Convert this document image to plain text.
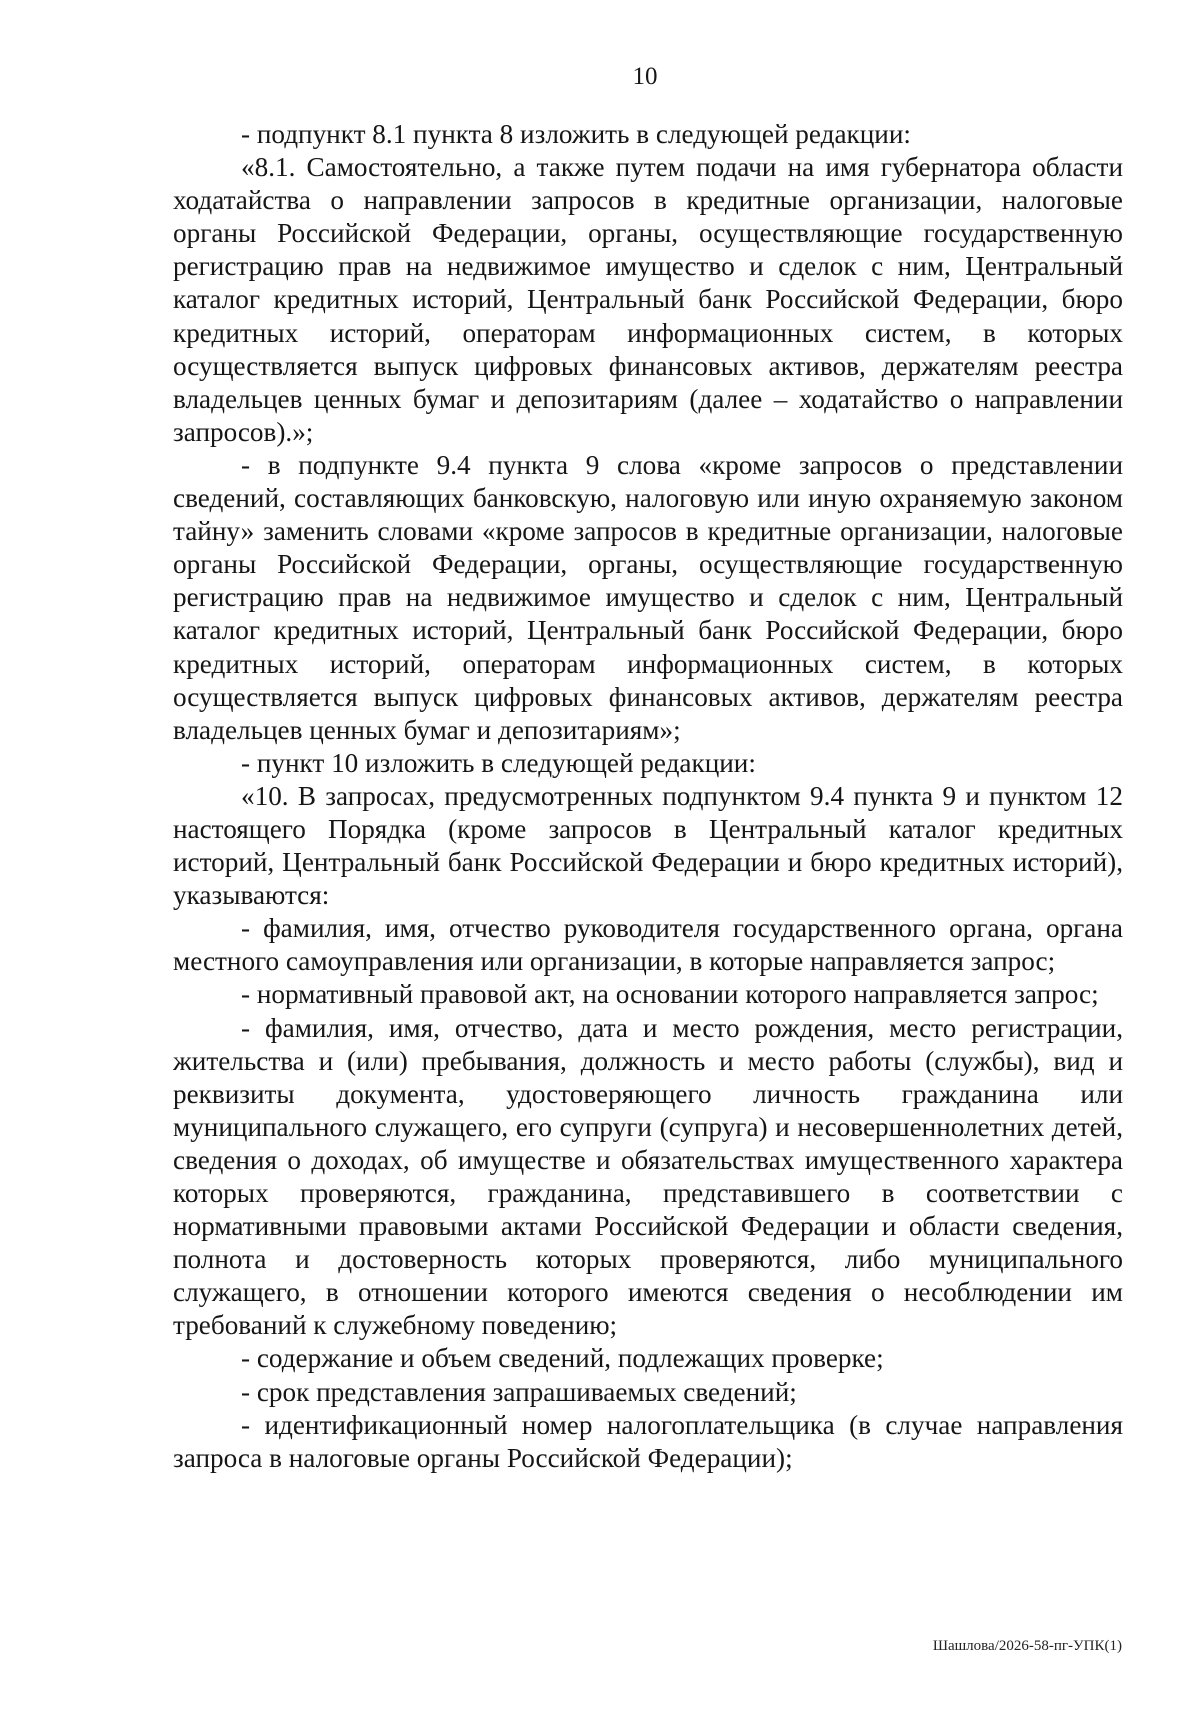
10

- подпункт 8.1 пункта 8 изложить в следующей редакции:

«8.1. Самостоятельно, а также путем подачи на имя губернатора области ходатайства о направлении запросов в кредитные организации, налоговые органы Российской Федерации, органы, осуществляющие государственную регистрацию прав на недвижимое имущество и сделок с ним, Центральный каталог кредитных историй, Центральный банк Российской Федерации, бюро кредитных историй, операторам информационных систем, в которых осуществляется выпуск цифровых финансовых активов, держателям реестра владельцев ценных бумаг и депозитариям (далее – ходатайство о направлении запросов).»;

- в подпункте 9.4 пункта 9 слова «кроме запросов о представлении сведений, составляющих банковскую, налоговую или иную охраняемую законом тайну» заменить словами «кроме запросов в кредитные организации, налоговые органы Российской Федерации, органы, осуществляющие государственную регистрацию прав на недвижимое имущество и сделок с ним, Центральный каталог кредитных историй, Центральный банк Российской Федерации, бюро кредитных историй, операторам информационных систем, в которых осуществляется выпуск цифровых финансовых активов, держателям реестра владельцев ценных бумаг и депозитариям»;

- пункт 10 изложить в следующей редакции:

«10. В запросах, предусмотренных подпунктом 9.4 пункта 9 и пунктом 12 настоящего Порядка (кроме запросов в Центральный каталог кредитных историй, Центральный банк Российской Федерации и бюро кредитных историй), указываются:

- фамилия, имя, отчество руководителя государственного органа, органа местного самоуправления или организации, в которые направляется запрос;

- нормативный правовой акт, на основании которого направляется запрос;

- фамилия, имя, отчество, дата и место рождения, место регистрации, жительства и (или) пребывания, должность и место работы (службы), вид и реквизиты документа, удостоверяющего личность гражданина или муниципального служащего, его супруги (супруга) и несовершеннолетних детей, сведения о доходах, об имуществе и обязательствах имущественного характера которых проверяются, гражданина, представившего в соответствии с нормативными правовыми актами Российской Федерации и области сведения, полнота и достоверность которых проверяются, либо муниципального служащего, в отношении которого имеются сведения о несоблюдении им требований к служебному поведению;

- содержание и объем сведений, подлежащих проверке;

- срок представления запрашиваемых сведений;

- идентификационный номер налогоплательщика (в случае направления запроса в налоговые органы Российской Федерации);

Шашлова/2026-58-пг-УПК(1)
